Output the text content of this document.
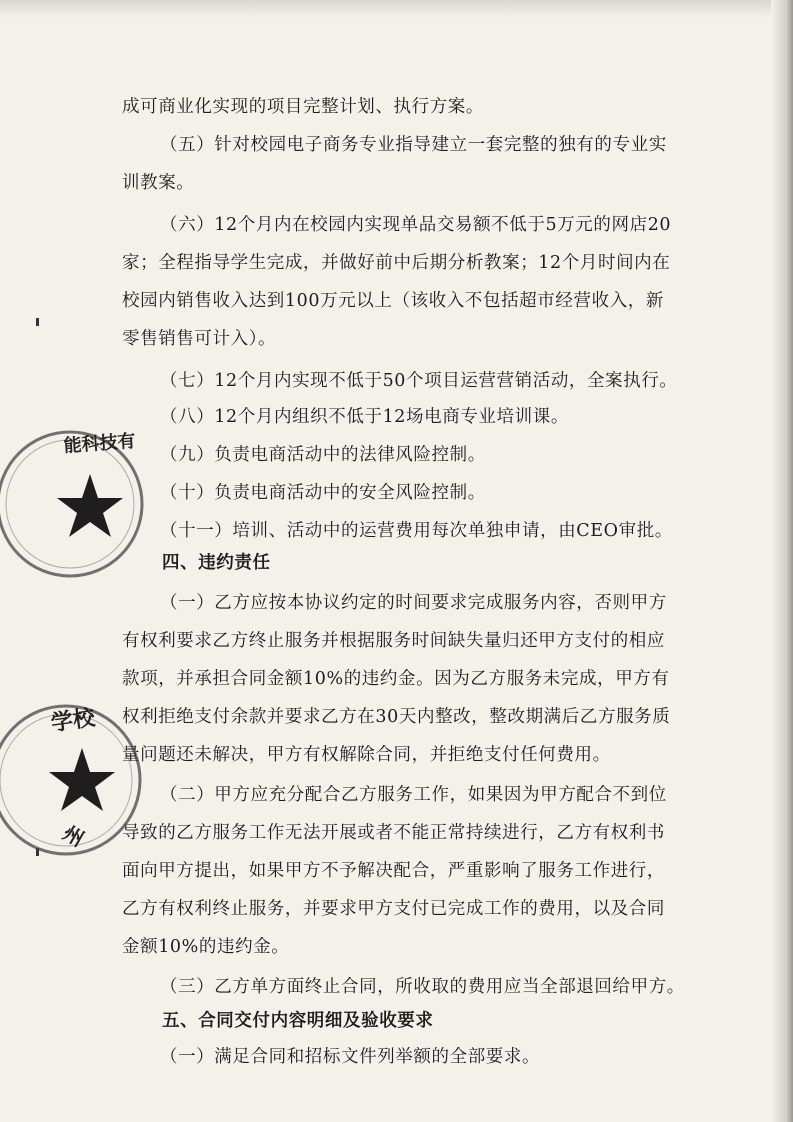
成可商业化实现的项目完整计划、执行方案。

（五）针对校园电子商务专业指导建立一套完整的独有的专业实

训教案。

（六）12个月内在校园内实现单品交易额不低于5万元的网店20

家；全程指导学生完成，并做好前中后期分析教案；12个月时间内在

校园内销售收入达到100万元以上（该收入不包括超市经营收入，新

零售销售可计入）。

（七）12个月内实现不低于50个项目运营营销活动，全案执行。

（八）12个月内组织不低于12场电商专业培训课。

（九）负责电商活动中的法律风险控制。

（十）负责电商活动中的安全风险控制。

（十一）培训、活动中的运营费用每次单独申请，由CEO审批。

四、违约责任

（一）乙方应按本协议约定的时间要求完成服务内容，否则甲方

有权利要求乙方终止服务并根据服务时间缺失量归还甲方支付的相应

款项，并承担合同金额10%的违约金。因为乙方服务未完成，甲方有

权利拒绝支付余款并要求乙方在30天内整改，整改期满后乙方服务质

量问题还未解决，甲方有权解除合同，并拒绝支付任何费用。

（二）甲方应充分配合乙方服务工作，如果因为甲方配合不到位

导致的乙方服务工作无法开展或者不能正常持续进行，乙方有权利书

面向甲方提出，如果甲方不予解决配合，严重影响了服务工作进行，

乙方有权利终止服务，并要求甲方支付已完成工作的费用，以及合同

金额10%的违约金。

（三）乙方单方面终止合同，所收取的费用应当全部退回给甲方。

五、合同交付内容明细及验收要求

（一）满足合同和招标文件列举额的全部要求。

能科技有
学校
州
